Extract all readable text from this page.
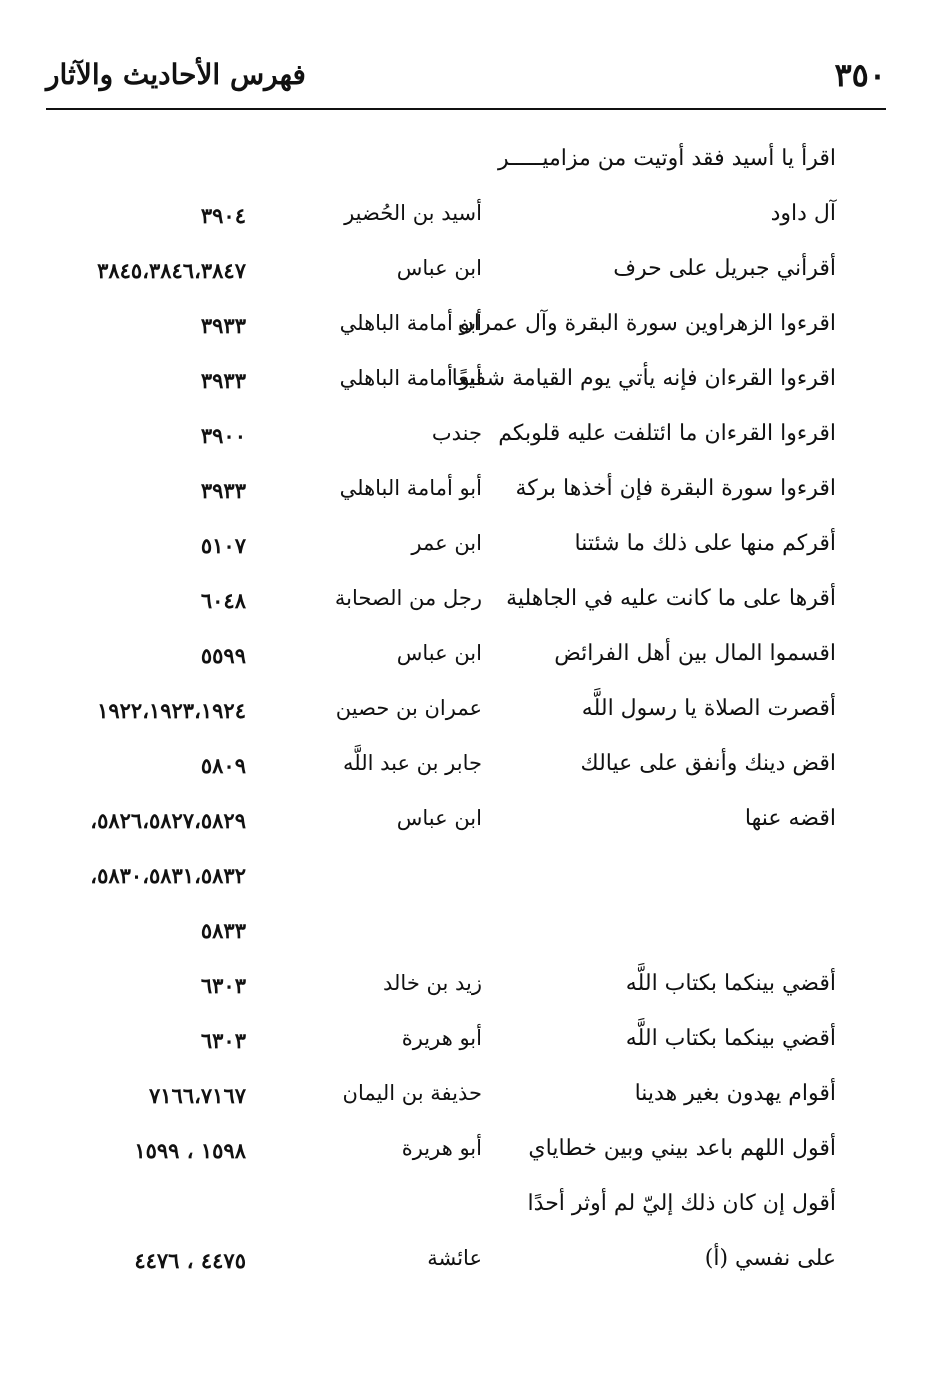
٣٥٠
فهرس الأحاديث والآثار
اقرأ يا أسيد فقد أوتيت من مزاميـــــر
آل داود
أسيد بن الحُضير
٣٩٠٤
أقرأني جبريل على حرف
ابن عباس
٣٨٤٥،٣٨٤٦،٣٨٤٧
اقرءوا الزهراوين سورة البقرة وآل عمران
أبو أمامة الباهلي
٣٩٣٣
اقرءوا القرءان فإنه يأتي يوم القيامة شفيعًا
أبو أمامة الباهلي
٣٩٣٣
اقرءوا القرءان ما ائتلفت عليه قلوبكم
جندب
٣٩٠٠
اقرءوا سورة البقرة فإن أخذها بركة
أبو أمامة الباهلي
٣٩٣٣
أقركم منها على ذلك ما شئتنا
ابن عمر
٥١٠٧
أقرها على ما كانت عليه في الجاهلية
رجل من الصحابة
٦٠٤٨
اقسموا المال بين أهل الفرائض
ابن عباس
٥٥٩٩
أقصرت الصلاة يا رسول اللَّه
عمران بن حصين
١٩٢٢،١٩٢٣،١٩٢٤
اقض دينك وأنفق على عيالك
جابر بن عبد اللَّه
٥٨٠٩
اقضه عنها
ابن عباس
٥٨٢٦،٥٨٢٧،٥٨٢٩،
٥٨٣٠،٥٨٣١،٥٨٣٢،
٥٨٣٣
أقضي بينكما بكتاب اللَّه
زيد بن خالد
٦٣٠٣
أقضي بينكما بكتاب اللَّه
أبو هريرة
٦٣٠٣
أقوام يهدون بغير هدينا
حذيفة بن اليمان
٧١٦٦،٧١٦٧
أقول اللهم باعد بيني وبين خطاياي
أبو هريرة
١٥٩٨ ، ١٥٩٩
أقول إن كان ذلك إليّ لم أوثر أحدًا
على نفسي (أ)
عائشة
٤٤٧٥ ، ٤٤٧٦
